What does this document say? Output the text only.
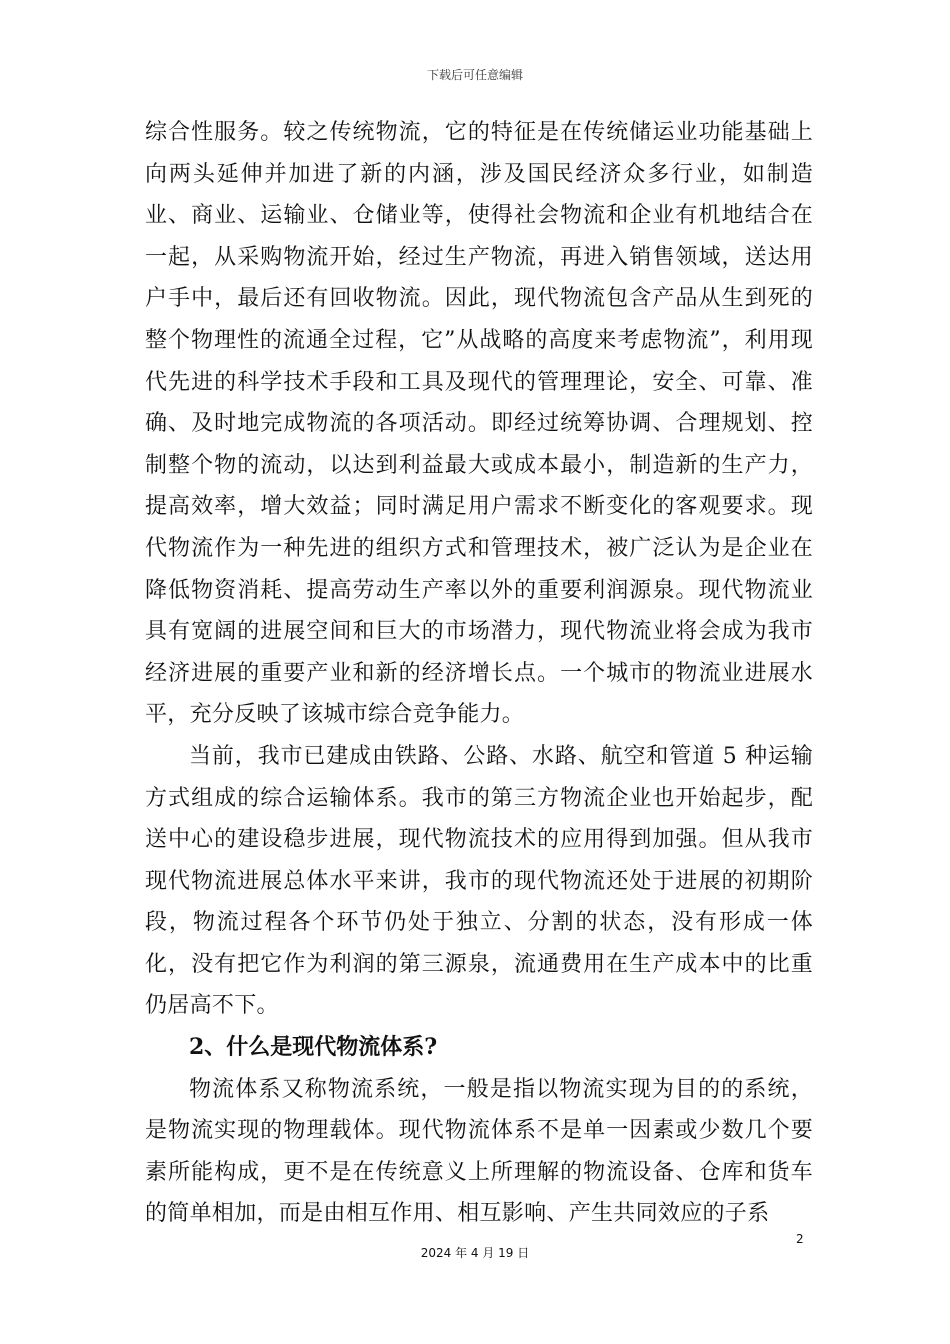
下载后可任意编辑

综合性服务。较之传统物流，它的特征是在传统储运业功能基础上向两头延伸并加进了新的内涵，涉及国民经济众多行业，如制造业、商业、运输业、仓储业等，使得社会物流和企业有机地结合在一起，从采购物流开始，经过生产物流，再进入销售领域，送达用户手中，最后还有回收物流。因此，现代物流包含产品从生到死的整个物理性的流通全过程，它”从战略的高度来考虑物流”，利用现代先进的科学技术手段和工具及现代的管理理论，安全、可靠、准确、及时地完成物流的各项活动。即经过统筹协调、合理规划、控制整个物的流动，以达到利益最大或成本最小，制造新的生产力，提高效率，增大效益；同时满足用户需求不断变化的客观要求。现代物流作为一种先进的组织方式和管理技术，被广泛认为是企业在降低物资消耗、提高劳动生产率以外的重要利润源泉。现代物流业具有宽阔的进展空间和巨大的市场潜力，现代物流业将会成为我市经济进展的重要产业和新的经济增长点。一个城市的物流业进展水平，充分反映了该城市综合竞争能力。

当前，我市已建成由铁路、公路、水路、航空和管道 5 种运输方式组成的综合运输体系。我市的第三方物流企业也开始起步，配送中心的建设稳步进展，现代物流技术的应用得到加强。但从我市现代物流进展总体水平来讲，我市的现代物流还处于进展的初期阶段，物流过程各个环节仍处于独立、分割的状态，没有形成一体化，没有把它作为利润的第三源泉，流通费用在生产成本中的比重仍居高不下。

2、什么是现代物流体系?

物流体系又称物流系统，一般是指以物流实现为目的的系统，是物流实现的物理载体。现代物流体系不是单一因素或少数几个要素所能构成，更不是在传统意义上所理解的物流设备、仓库和货车的简单相加，而是由相互作用、相互影响、产生共同效应的子系

2
2024 年 4 月 19 日
